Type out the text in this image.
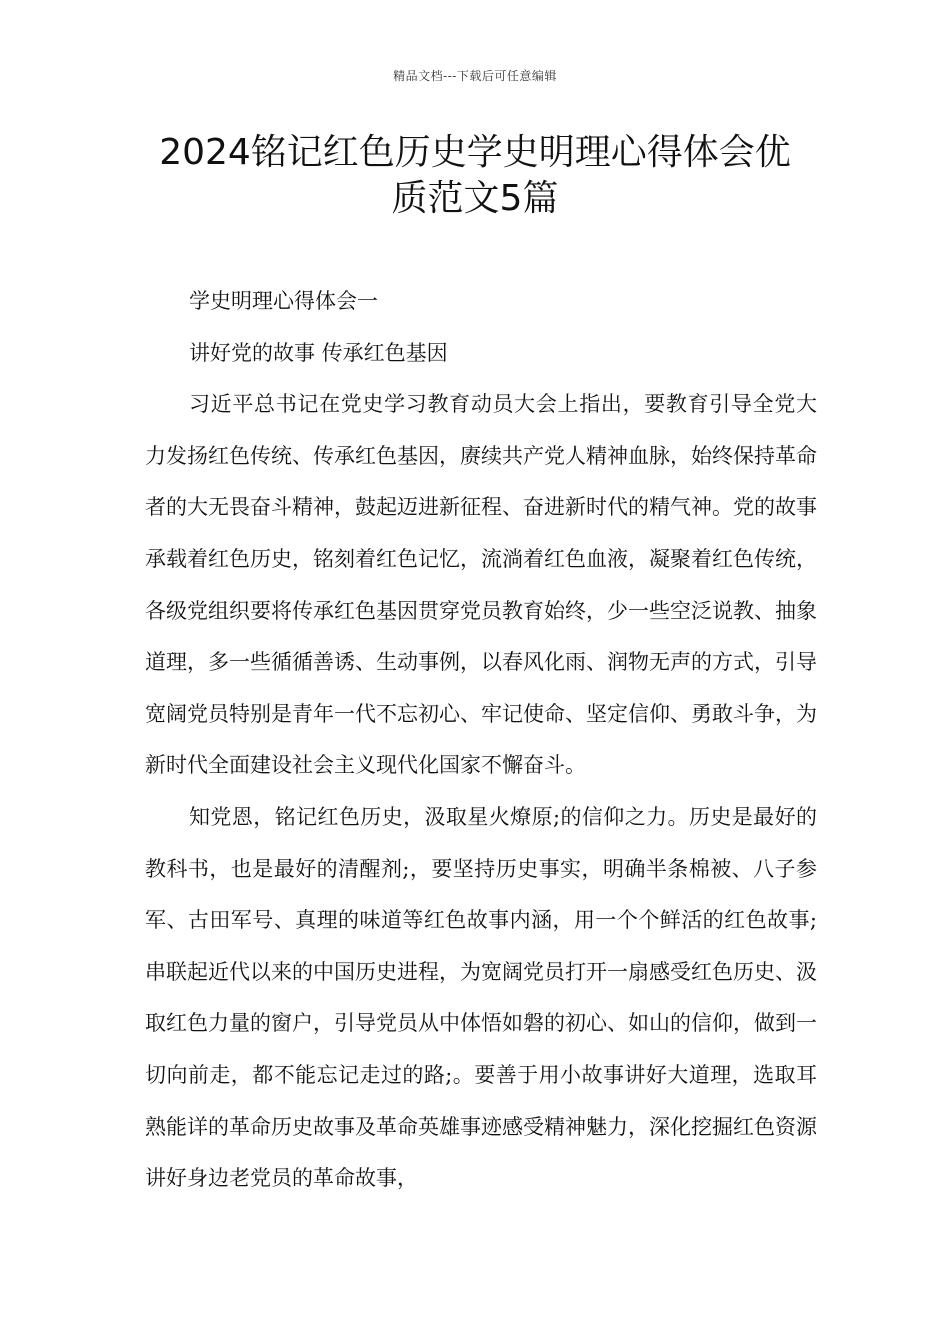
精品文档---下载后可任意编辑
2024铭记红色历史学史明理心得体会优
质范文5篇

学史明理心得体会一

讲好党的故事 传承红色基因

习近平总书记在党史学习教育动员大会上指出，要教育引导全党大力发扬红色传统、传承红色基因，赓续共产党人精神血脉，始终保持革命者的大无畏奋斗精神，鼓起迈进新征程、奋进新时代的精气神。党的故事承载着红色历史，铭刻着红色记忆，流淌着红色血液，凝聚着红色传统，各级党组织要将传承红色基因贯穿党员教育始终，少一些空泛说教、抽象道理，多一些循循善诱、生动事例，以春风化雨、润物无声的方式，引导宽阔党员特别是青年一代不忘初心、牢记使命、坚定信仰、勇敢斗争，为新时代全面建设社会主义现代化国家不懈奋斗。

知党恩，铭记红色历史，汲取星火燎原;的信仰之力。历史是最好的教科书，也是最好的清醒剂;，要坚持历史事实，明确半条棉被、八子参军、古田军号、真理的味道等红色故事内涵，用一个个鲜活的红色故事;串联起近代以来的中国历史进程，为宽阔党员打开一扇感受红色历史、汲取红色力量的窗户，引导党员从中体悟如磐的初心、如山的信仰，做到一切向前走，都不能忘记走过的路;。要善于用小故事讲好大道理，选取耳熟能详的革命历史故事及革命英雄事迹感受精神魅力，深化挖掘红色资源讲好身边老党员的革命故事，
